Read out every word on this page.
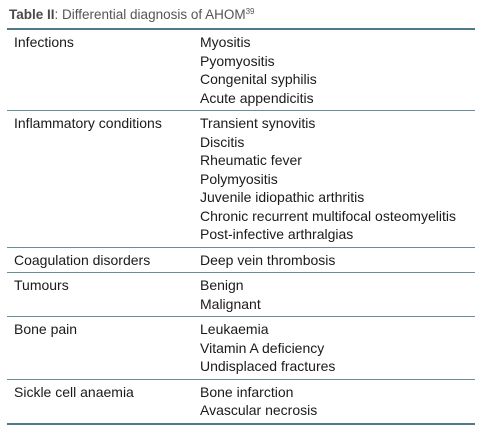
Table II: Differential diagnosis of AHOM$^{39}$
Infections	Myositis
Pyomyositis
Congenital syphilis
Acute appendicitis
Inflammatory conditions	Transient synovitis
Discitis
Rheumatic fever
Polymyositis
Juvenile idiopathic arthritis
Chronic recurrent multifocal osteomyelitis
Post-infective arthralgias
Coagulation disorders	Deep vein thrombosis
Tumours	Benign
Malignant
Bone pain	Leukaemia
Vitamin A deficiency
Undisplaced fractures
Sickle cell anaemia	Bone infarction
Avascular necrosis
